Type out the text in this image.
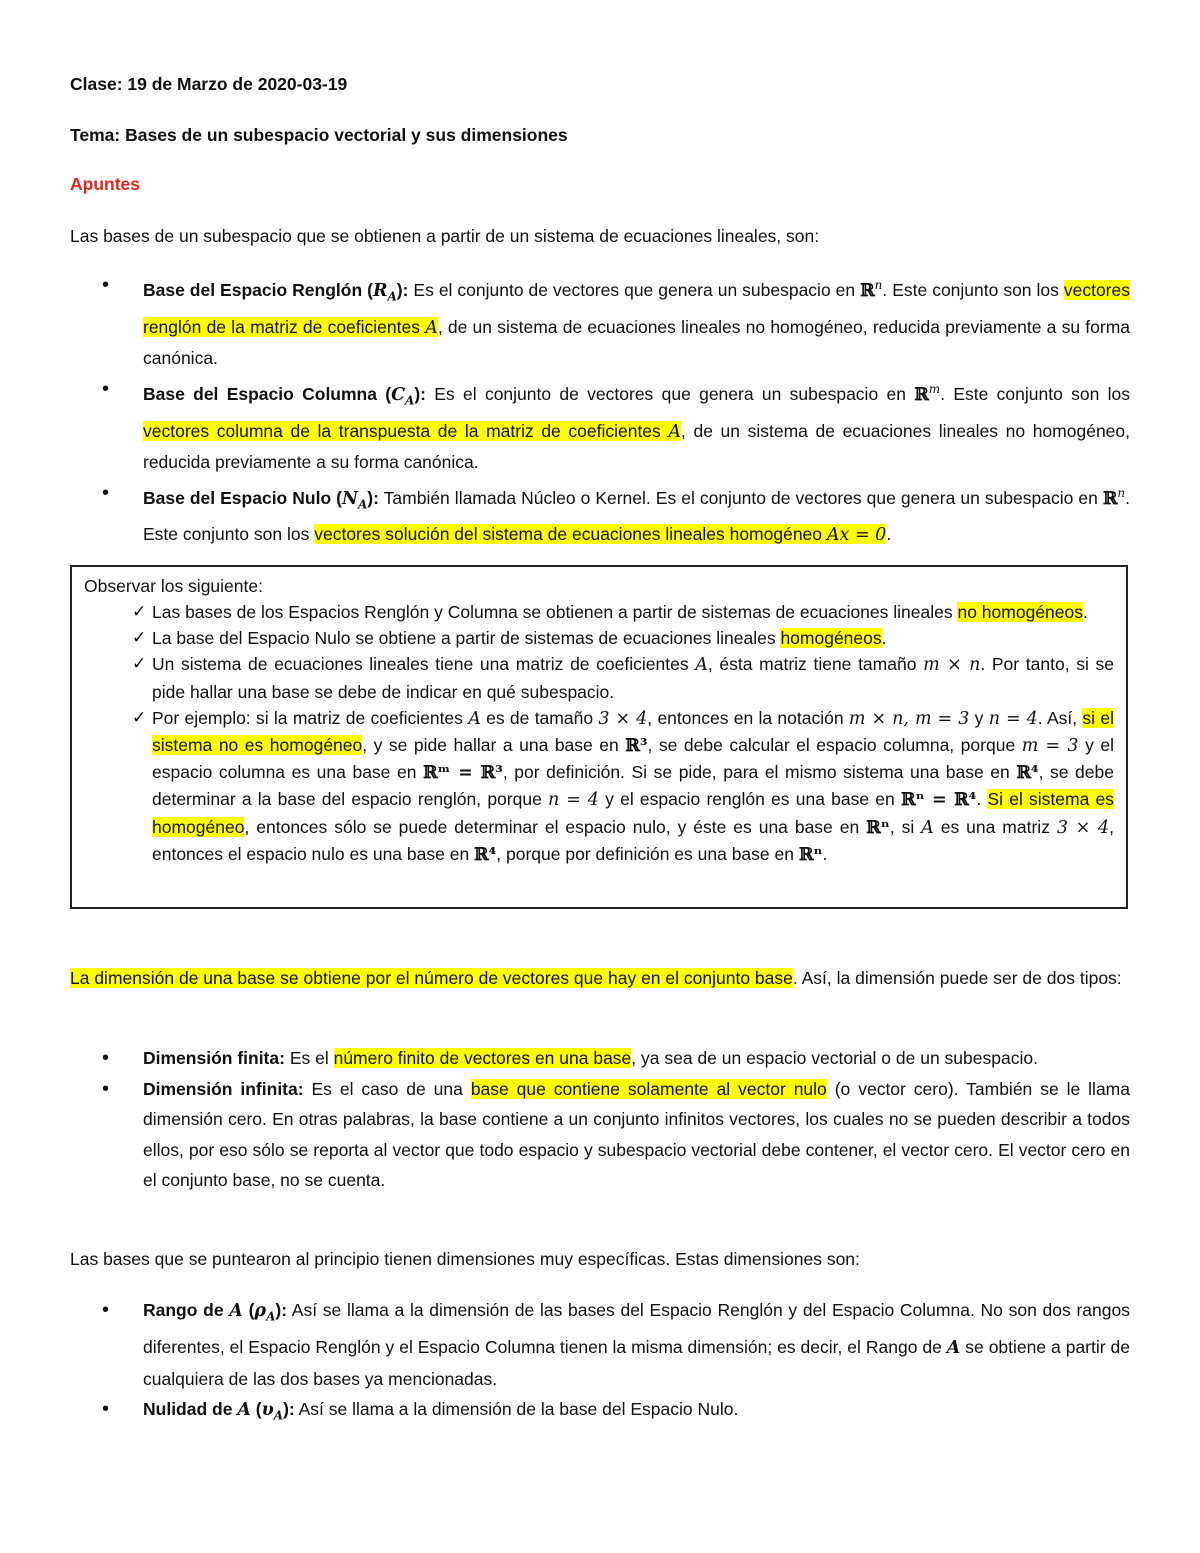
Clase: 19 de Marzo de 2020-03-19

Tema: Bases de un subespacio vectorial y sus dimensiones

Apuntes

Las bases de un subespacio que se obtienen a partir de un sistema de ecuaciones lineales, son:

• Base del Espacio Renglón $(R_A)$: Es el conjunto de vectores que genera un subespacio en ℝ$^n$. Este conjunto son los vectores renglón de la matriz de coeficientes A, de un sistema de ecuaciones lineales no homogéneo, reducida previamente a su forma canónica.
• Base del Espacio Columna $(C_A)$: Es el conjunto de vectores que genera un subespacio en ℝ$^m$. Este conjunto son los vectores columna de la transpuesta de la matriz de coeficientes A, de un sistema de ecuaciones lineales no homogéneo, reducida previamente a su forma canónica.
• Base del Espacio Nulo $(N_A)$: También llamada Núcleo o Kernel. Es el conjunto de vectores que genera un subespacio en ℝ$^n$. Este conjunto son los vectores solución del sistema de ecuaciones lineales homogéneo Ax = 0.
Observar los siguiente:
✓ Las bases de los Espacios Renglón y Columna se obtienen a partir de sistemas de ecuaciones lineales no homogéneos.
✓ La base del Espacio Nulo se obtiene a partir de sistemas de ecuaciones lineales homogéneos.
✓ Un sistema de ecuaciones lineales tiene una matriz de coeficientes A, ésta matriz tiene tamaño m × n. Por tanto, si se pide hallar una base se debe de indicar en qué subespacio.
✓ Por ejemplo: si la matriz de coeficientes A es de tamaño 3 × 4, entonces en la notación m × n, m = 3 y n = 4. Así, si el sistema no es homogéneo, y se pide hallar a una base en ℝ³, se debe calcular el espacio columna, porque m = 3 y el espacio columna es una base en ℝᵐ = ℝ³, por definición. Si se pide, para el mismo sistema una base en ℝ⁴, se debe determinar a la base del espacio renglón, porque n = 4 y el espacio renglón es una base en ℝⁿ = ℝ⁴. Si el sistema es homogéneo, entonces sólo se puede determinar el espacio nulo, y éste es una base en ℝⁿ, si A es una matriz 3 × 4, entonces el espacio nulo es una base en ℝ⁴, porque por definición es una base en ℝⁿ.
La dimensión de una base se obtiene por el número de vectores que hay en el conjunto base. Así, la dimensión puede ser de dos tipos:
• Dimensión finita: Es el número finito de vectores en una base, ya sea de un espacio vectorial o de un subespacio.
• Dimensión infinita: Es el caso de una base que contiene solamente al vector nulo (o vector cero). También se le llama dimensión cero. En otras palabras, la base contiene a un conjunto infinitos vectores, los cuales no se pueden describir a todos ellos, por eso sólo se reporta al vector que todo espacio y subespacio vectorial debe contener, el vector cero. El vector cero en el conjunto base, no se cuenta.

Las bases que se puntearon al principio tienen dimensiones muy específicas. Estas dimensiones son:

• Rango de A $(\rho_A)$: Así se llama a la dimensión de las bases del Espacio Renglón y del Espacio Columna. No son dos rangos diferentes, el Espacio Renglón y el Espacio Columna tienen la misma dimensión; es decir, el Rango de A se obtiene a partir de cualquiera de las dos bases ya mencionadas.
• Nulidad de A $(\upsilon_A)$: Así se llama a la dimensión de la base del Espacio Nulo.
